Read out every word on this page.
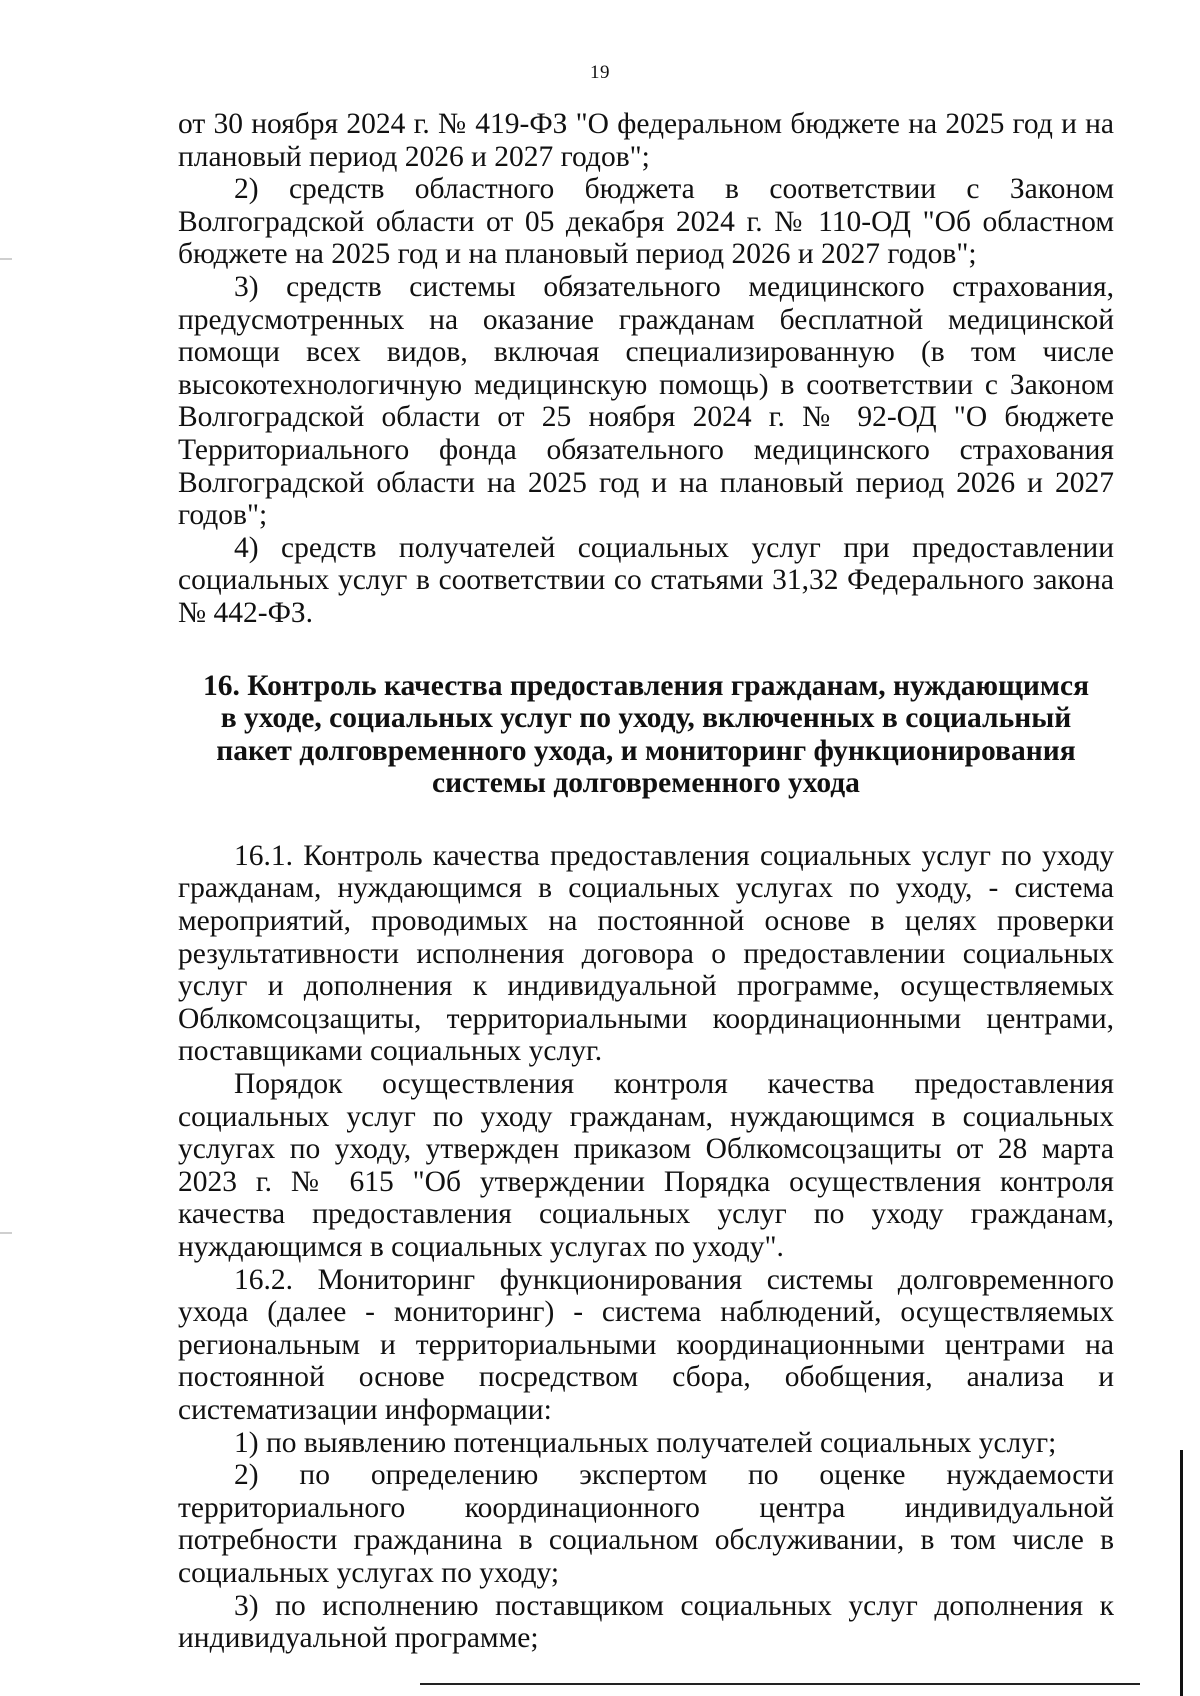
19

от 30 ноября 2024 г. № 419-ФЗ "О федеральном бюджете на 2025 год и на плановый период 2026 и 2027 годов";

2) средств областного бюджета в соответствии с Законом Волгоградской области от 05 декабря 2024 г. № 110-ОД "Об областном бюджете на 2025 год и на плановый период 2026 и 2027 годов";

3) средств системы обязательного медицинского страхования, предусмотренных на оказание гражданам бесплатной медицинской помощи всех видов, включая специализированную (в том числе высокотехнологичную медицинскую помощь) в соответствии с Законом Волгоградской области от 25 ноября 2024 г. № 92-ОД "О бюджете Территориального фонда обязательного медицинского страхования Волгоградской области на 2025 год и на плановый период 2026 и 2027 годов";

4) средств получателей социальных услуг при предоставлении социальных услуг в соответствии со статьями 31,32 Федерального закона № 442-ФЗ.

16. Контроль качества предоставления гражданам, нуждающимся
в уходе, социальных услуг по уходу, включенных в социальный
пакет долговременного ухода, и мониторинг функционирования
системы долговременного ухода

16.1. Контроль качества предоставления социальных услуг по уходу гражданам, нуждающимся в социальных услугах по уходу, - система мероприятий, проводимых на постоянной основе в целях проверки результативности исполнения договора о предоставлении социальных услуг и дополнения к индивидуальной программе, осуществляемых Облкомсоцзащиты, территориальными координационными центрами, поставщиками социальных услуг.

Порядок осуществления контроля качества предоставления социальных услуг по уходу гражданам, нуждающимся в социальных услугах по уходу, утвержден приказом Облкомсоцзащиты от 28 марта 2023 г. № 615 "Об утверждении Порядка осуществления контроля качества предоставления социальных услуг по уходу гражданам, нуждающимся в социальных услугах по уходу".

16.2. Мониторинг функционирования системы долговременного ухода (далее - мониторинг) - система наблюдений, осуществляемых региональным и территориальными координационными центрами на постоянной основе посредством сбора, обобщения, анализа и систематизации информации:

1) по выявлению потенциальных получателей социальных услуг;

2) по определению экспертом по оценке нуждаемости территориального координационного центра индивидуальной потребности гражданина в социальном обслуживании, в том числе в социальных услугах по уходу;

3) по исполнению поставщиком социальных услуг дополнения к индивидуальной программе;
